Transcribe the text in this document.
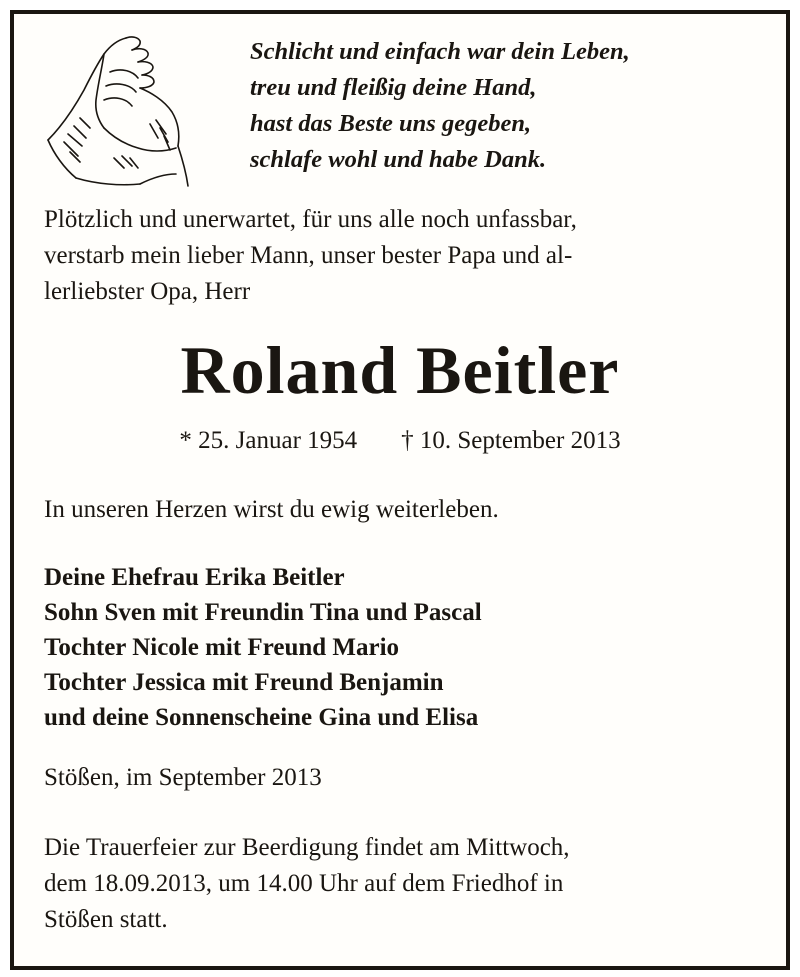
Schlicht und einfach war dein Leben,
treu und fleißig deine Hand,
hast das Beste uns gegeben,
schlafe wohl und habe Dank.
Plötzlich und unerwartet, für uns alle noch unfassbar,
verstarb mein lieber Mann, unser bester Papa und al-
lerliebster Opa, Herr
Roland Beitler
* 25. Januar 1954 † 10. September 2013
In unseren Herzen wirst du ewig weiterleben.
Deine Ehefrau Erika Beitler
Sohn Sven mit Freundin Tina und Pascal
Tochter Nicole mit Freund Mario
Tochter Jessica mit Freund Benjamin
und deine Sonnenscheine Gina und Elisa
Stößen, im September 2013
Die Trauerfeier zur Beerdigung findet am Mittwoch,
dem 18.09.2013, um 14.00 Uhr auf dem Friedhof in
Stößen statt.
